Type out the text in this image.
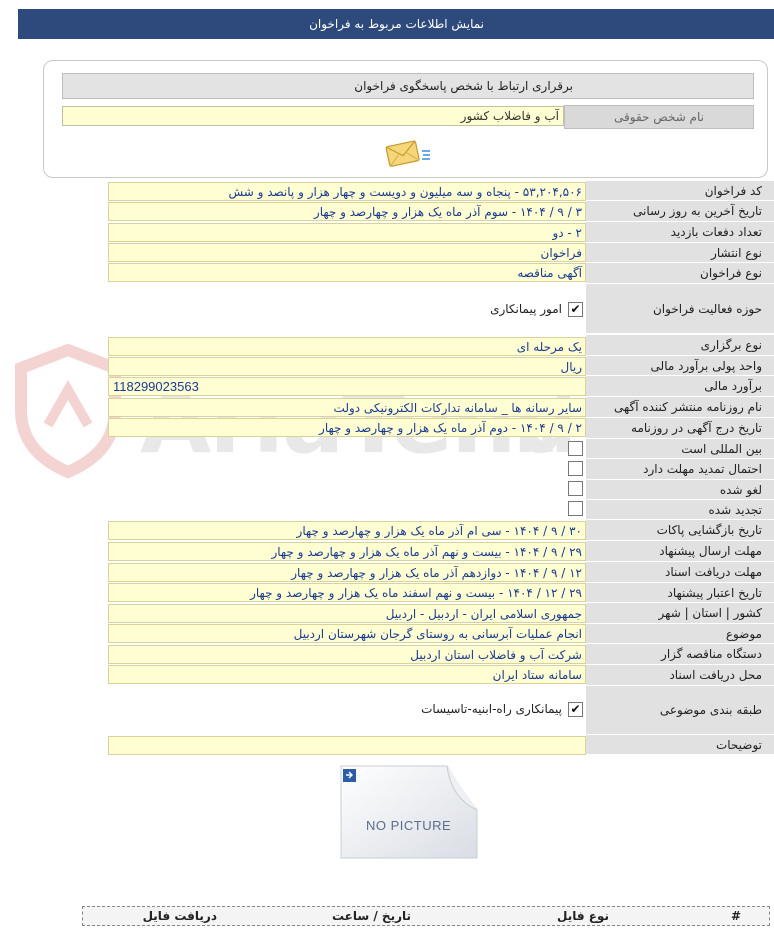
نمایش اطلاعات مربوط به فراخوان
برقراری ارتباط با شخص پاسخگوی فراخوان
نام شخص حقوقی
آب و فاضلاب کشور
کد فراخوان
۵۳,۲۰۴,۵۰۶ - پنجاه و سه میلیون و دویست و چهار هزار و پانصد و شش
تاریخ آخرین به روز رسانی
۳ / ۹ / ۱۴۰۴ - سوم آذر ماه یک هزار و چهارصد و چهار
تعداد دفعات بازدید
۲ - دو
نوع انتشار
فراخوان
نوع فراخوان
آگهی مناقصه
حوزه فعالیت فراخوان
✔
امور پیمانکاری
نوع برگزاری
یک مرحله ای
واحد پولی برآورد مالی
ریال
برآورد مالی
118299023563
نام روزنامه منتشر کننده آگهی
سایر رسانه ها _ سامانه تدارکات الکترونیکی دولت
تاریخ درج آگهی در روزنامه
۲ / ۹ / ۱۴۰۴ - دوم آذر ماه یک هزار و چهارصد و چهار
بین المللی است
احتمال تمدید مهلت دارد
لغو شده
تجدید شده
تاریخ بازگشایی پاکات
۳۰ / ۹ / ۱۴۰۴ - سی ام آذر ماه یک هزار و چهارصد و چهار
مهلت ارسال پیشنهاد
۲۹ / ۹ / ۱۴۰۴ - بیست و نهم آذر ماه یک هزار و چهارصد و چهار
مهلت دریافت اسناد
۱۲ / ۹ / ۱۴۰۴ - دوازدهم آذر ماه یک هزار و چهارصد و چهار
تاریخ اعتبار پیشنهاد
۲۹ / ۱۲ / ۱۴۰۴ - بیست و نهم اسفند ماه یک هزار و چهارصد و چهار
کشور | استان | شهر
جمهوری اسلامی ایران - اردبیل - اردبیل
موضوع
انجام عملیات آبرسانی به روستای گرجان شهرستان اردبیل
دستگاه مناقصه گزار
شرکت آب و فاضلاب استان اردبیل
محل دریافت اسناد
سامانه ستاد ایران
طبقه بندی موضوعی
✔
پیمانکاری راه-ابنیه-تاسیسات
توضیحات
NO PICTURE
#
نوع فایل
تاریخ / ساعت
دریافت فایل
